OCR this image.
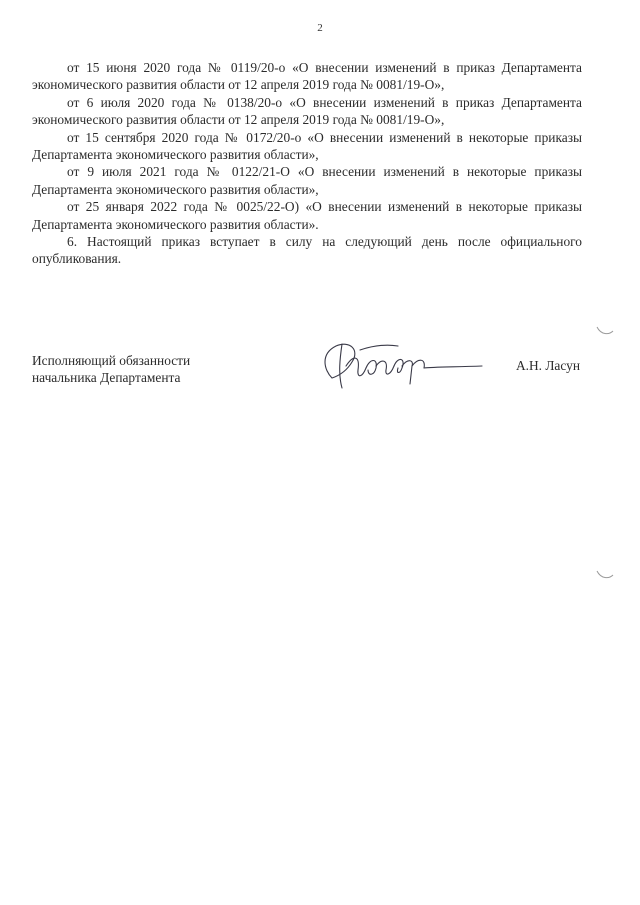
2

от 15 июня 2020 года № 0119/20-о «О внесении изменений в приказ Департамента экономического развития области от 12 апреля 2019 года № 0081/19-О»,

от 6 июля 2020 года № 0138/20-о «О внесении изменений в приказ Департамента экономического развития области от 12 апреля 2019 года № 0081/19-О»,

от 15 сентября 2020 года № 0172/20-о «О внесении изменений в некоторые приказы Департамента экономического развития области»,

от 9 июля 2021 года № 0122/21-О «О внесении изменений в некоторые приказы Департамента экономического развития области»,

от 25 января 2022 года № 0025/22-О) «О внесении изменений в некоторые приказы Департамента экономического развития области».

6. Настоящий приказ вступает в силу на следующий день после официального опубликования.

Исполняющий обязанности
начальника Департамента
А.Н. Ласун
